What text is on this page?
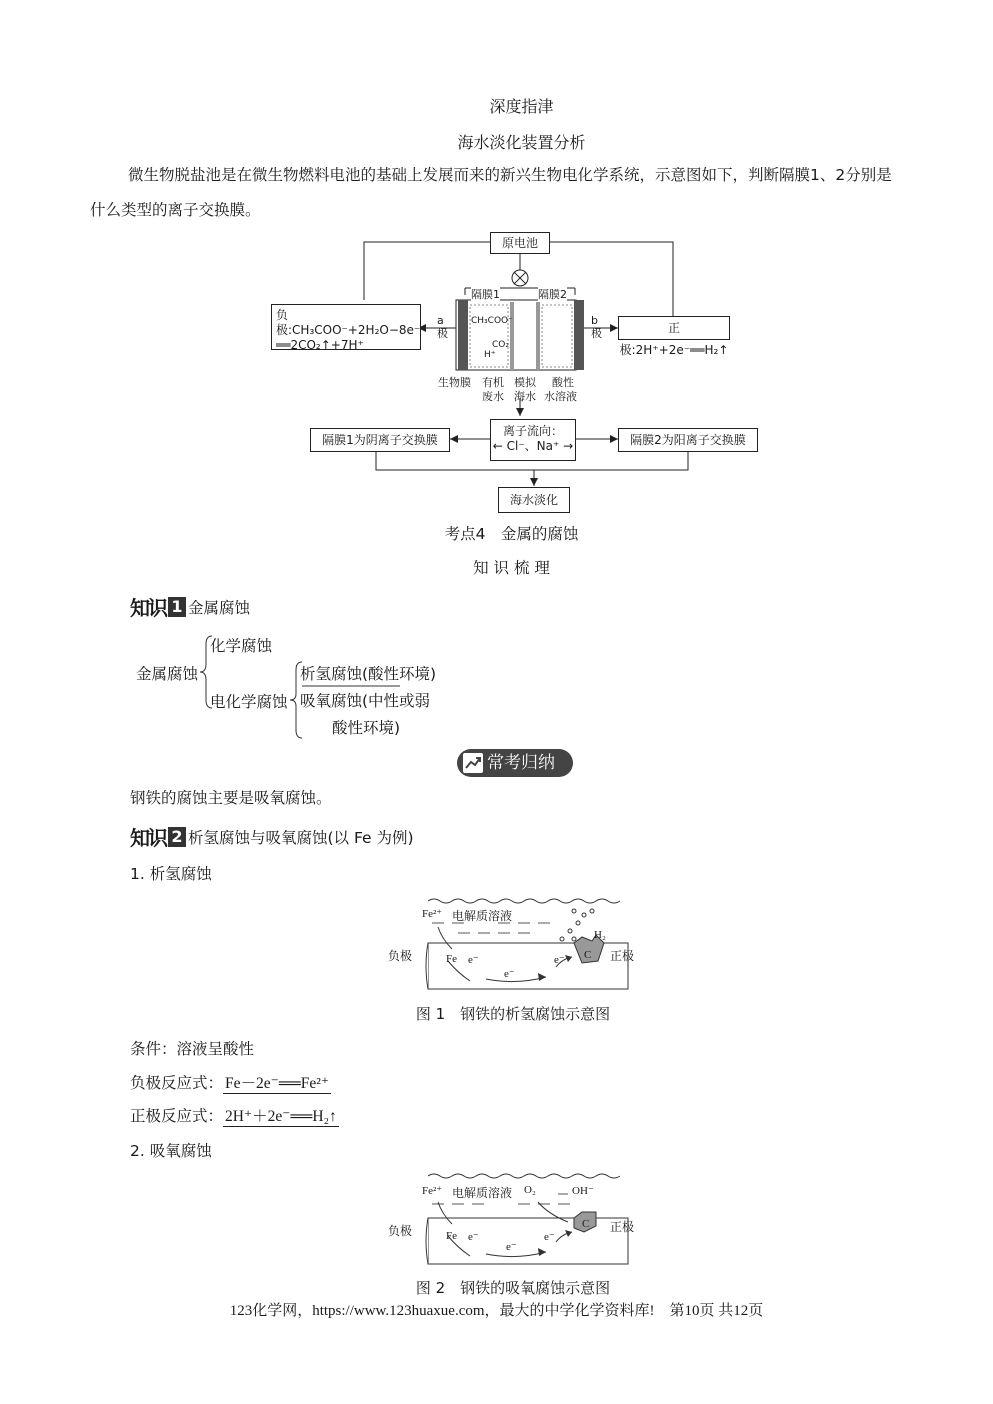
深度指津
海水淡化装置分析
微生物脱盐池是在微生物燃料电池的基础上发展而来的新兴生物电化学系统，示意图如下，判断隔膜1、2分别是什么类型的离子交换膜。
原电池
负极:CH₃COO⁻+2H₂O−8e⁻
══2CO₂↑+7H⁺
正极:2H⁺+2e⁻══H₂↑
a
极
b
极
隔膜1	隔膜2
CH₃COO⁻
CO₂
H⁺
生物膜 有机
废水
模拟
海水
酸性
水溶液
离子流向：
← Cl⁻、Na⁺ →
隔膜1为阴离子交换膜	隔膜2为阳离子交换膜
海水淡化
考点4　金属的腐蚀
知 识 梳 理
知识 1 金属腐蚀
金属腐蚀
化学腐蚀
电化学腐蚀
析氢腐蚀(酸性环境)
吸氧腐蚀(中性或弱
酸性环境)
常考归纳
钢铁的腐蚀主要是吸氧腐蚀。
知识 2 析氢腐蚀与吸氧腐蚀(以 Fe 为例)
1. 析氢腐蚀
Fe²⁺ 电解质溶液
H₂
负极	正极
Fe e⁻
e⁻
e⁻ C
图 1　钢铁的析氢腐蚀示意图
条件：溶液呈酸性
负极反应式： Fe－2e⁻══Fe²⁺
正极反应式： 2H⁺＋2e⁻══H₂↑
2. 吸氧腐蚀
Fe²⁺ 电解质溶液 O₂	OH⁻
负极	正极
Fe e⁻
e⁻
e⁻
C
图 2　钢铁的吸氧腐蚀示意图
123化学网，https://www.123huaxue.com，最大的中学化学资料库!　第10页 共12页
